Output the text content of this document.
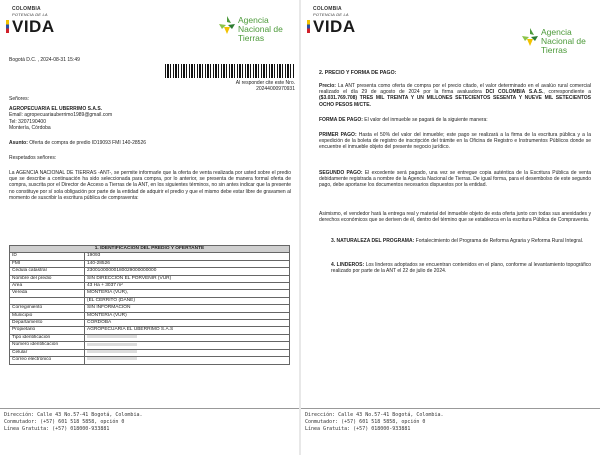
COLOMBIA
POTENCIA DE LA
VIDA	Agencia
Nacional de
Tierras
Bogotá D.C. , 2024-08-31 15:49
Al responder cite este Nro.
20244000970931
Señores:
AGROPECUARIA EL UBERRIMO S.A.S.
Email: agropecuariauberrimo1989@gmail.com
Tel: 3207190400
Montería, Córdoba
Asunto: Oferta de compra de predio ID19093 FMI 140-28526
Respetados señores:
La AGENCIA NACIONAL DE TIERRAS -ANT-, se permite informarle que la oferta de venta realizada por usted sobre el predio que se describe a continuación ha sido seleccionada para compra, por lo anterior, se presenta de manera formal oferta de compra, suscrita por el Director de Acceso a Tierras de la ANT, en los siguientes términos, no sin antes indicar que la presente no constituye por sí sola obligación por parte de la entidad de adquirir el predio y que el mismo debe estar libre de gravamen al momento de suscribir la escritura pública de compraventa:
1. IDENTIFICACIÓN DEL PREDIO Y OFERTANTE	
ID	19093
FMI	140-28526
Cédula catastral	23001000000180029000000000
Nombre del predio	SIN DIRECCION EL PORVENIR (VUR)
Área	43 Ha + 3037 m²
Vereda	MONTERIA (VUR),
	(EL CERRITO (DANE)
Corregimiento	SIN INFORMACIÓN
Municipio	MONTERÍA (VUR)
Departamento	CÓRDOBA
Propietario	AGROPECUARIA EL UBERRIMO S.A.S
Tipo identificación	
Número identificación	
Celular	
Correo electrónico	
Dirección: Calle 43 No.57-41 Bogotá, Colombia.
Conmutador: (+57) 601 518 5858, opción 0
Línea Gratuita: (+57) 018000-933881
COLOMBIA
POTENCIA DE LA
VIDA	Agencia
Nacional de
Tierras
2. PRECIO Y FORMA DE PAGO:
Precio: La ANT presenta como oferta de compra por el precio citado, el valor determinado en el avalúo rural comercial realizado el día 29 de agosto de 2024 por la firma avaluadora DCI COLOMBIA S.A.S., correspondiente a ($3.031.769.708) TRES MIL TREINTA Y UN MILLONES SETECIENTOS SESENTA Y NUEVE MIL SETECIENTOS OCHO PESOS M/CTE.
FORMA DE PAGO: El valor del inmueble se pagará de la siguiente manera:
PRIMER PAGO: Hasta el 50% del valor del inmueble; este pago se realizará a la firma de la escritura pública y a la expedición de la boleta de registro de inscripción del trámite en la Oficina de Registro e Instrumentos Públicos donde se encuentre el inmueble objeto del presente negocio jurídico.
SEGUNDO PAGO: El excedente será pagado, una vez se entregue copia auténtica de la Escritura Pública de venta debidamente registrada a nombre de la Agencia Nacional de Tierras. De igual forma, para el desembolso de este segundo pago, debe aportarse los documentos necesarios dispuestos por la entidad.
Asimismo, el vendedor hará la entrega real y material del inmueble objeto de esta oferta junto con todas sus anexidades y derechos económicos que se deriven de él, dentro del término que se establezca en la escritura Pública de Compraventa.
3. NATURALEZA DEL PROGRAMA: Fortalecimiento del Programa de Reforma Agraria y Reforma Rural Integral.
4. LINDEROS: Los linderos adoptados se encuentran contenidos en el plano, conforme al levantamiento topográfico realizado por parte de la ANT el 22 de julio de 2024.
Dirección: Calle 43 No.57-41 Bogotá, Colombia.
Conmutador: (+57) 601 518 5858, opción 0
Línea Gratuita: (+57) 018000-933881
